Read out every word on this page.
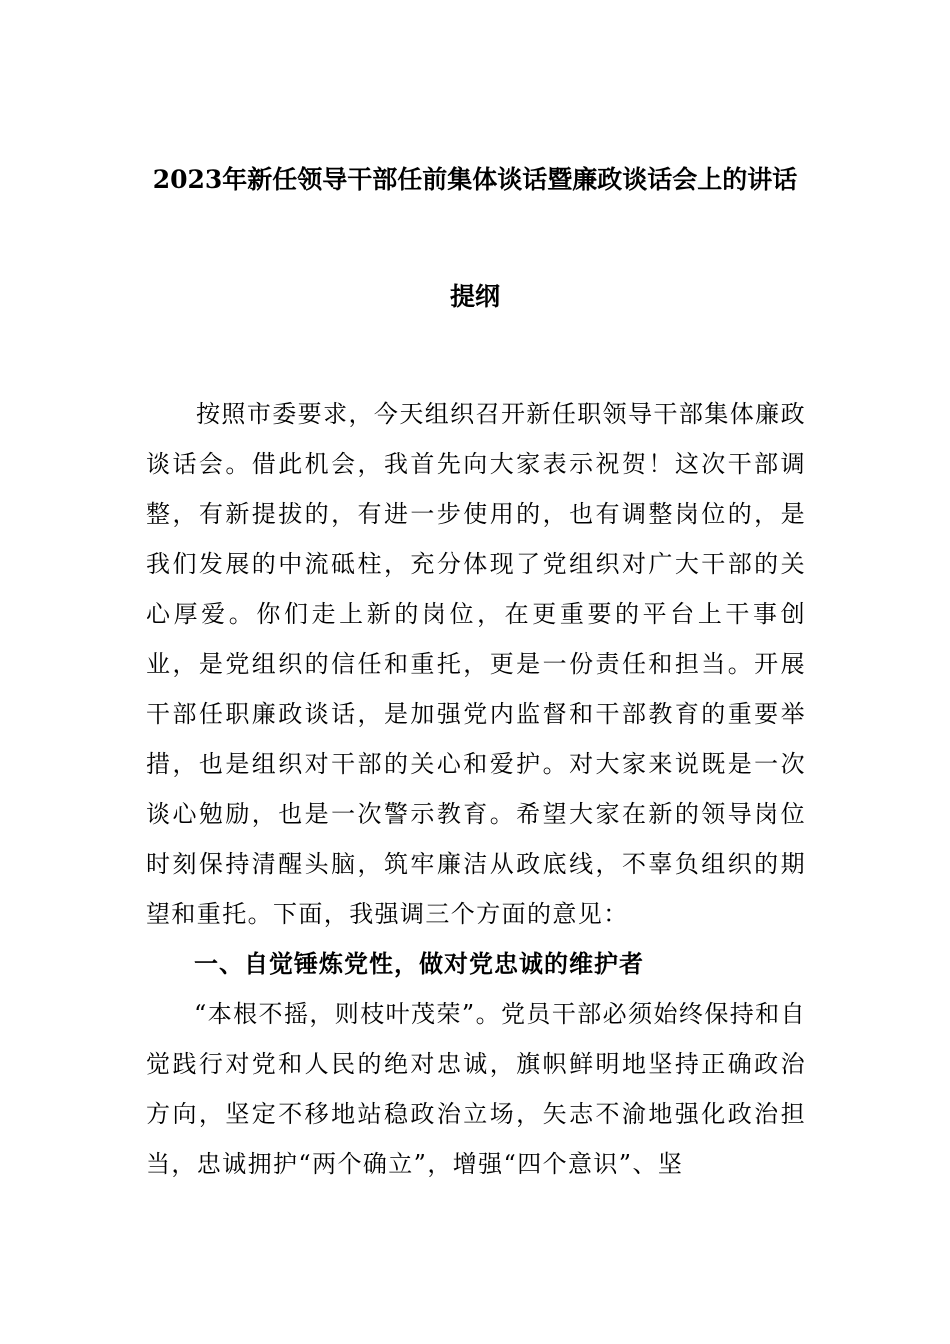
2023年新任领导干部任前集体谈话暨廉政谈话会上的讲话
提纲

按照市委要求，今天组织召开新任职领导干部集体廉政谈话会。借此机会，我首先向大家表示祝贺！这次干部调整，有新提拔的，有进一步使用的，也有调整岗位的，是我们发展的中流砥柱，充分体现了党组织对广大干部的关心厚爱。你们走上新的岗位，在更重要的平台上干事创业，是党组织的信任和重托，更是一份责任和担当。开展干部任职廉政谈话，是加强党内监督和干部教育的重要举措，也是组织对干部的关心和爱护。对大家来说既是一次谈心勉励，也是一次警示教育。希望大家在新的领导岗位时刻保持清醒头脑，筑牢廉洁从政底线，不辜负组织的期望和重托。下面，我强调三个方面的意见：

一、自觉锤炼党性，做对党忠诚的维护者

“本根不摇，则枝叶茂荣”。党员干部必须始终保持和自觉践行对党和人民的绝对忠诚，旗帜鲜明地坚持正确政治方向，坚定不移地站稳政治立场，矢志不渝地强化政治担当，忠诚拥护“两个确立”，增强“四个意识”、坚
